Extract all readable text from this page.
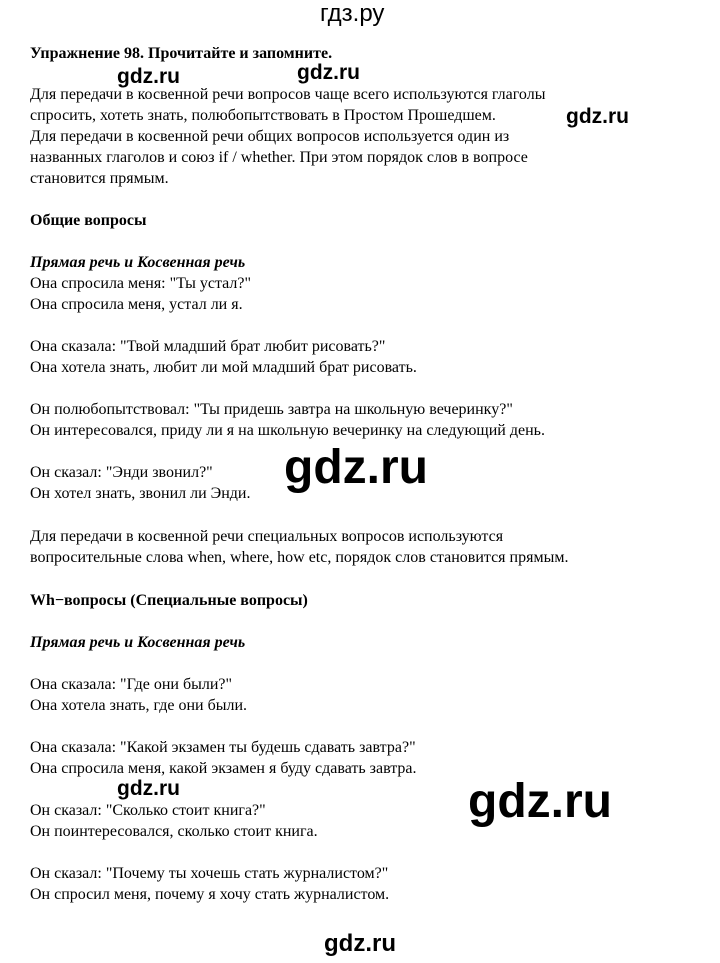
гдз.ру
Упражнение 98. Прочитайте и запомните.
Для передачи в косвенной речи вопросов чаще всего используются глаголы
спросить, хотеть знать, полюбопытствовать в Простом Прошедшем.
Для передачи в косвенной речи общих вопросов используется один из
названных глаголов и союз if / whether. При этом порядок слов в вопросе
становится прямым.
Общие вопросы
Прямая речь и Косвенная речь
Она спросила меня: "Ты устал?"
Она спросила меня, устал ли я.
Она сказала: "Твой младший брат любит рисовать?"
Она хотела знать, любит ли мой младший брат рисовать.
Он полюбопытствовал: "Ты придешь завтра на школьную вечеринку?"
Он интересовался, приду ли я на школьную вечеринку на следующий день.
Он сказал: "Энди звонил?"
Он хотел знать, звонил ли Энди.
Для передачи в косвенной речи специальных вопросов используются
вопросительные слова when, where, how etc, порядок слов становится прямым.
Wh−вопросы (Специальные вопросы)
Прямая речь и Косвенная речь
Она сказала: "Где они были?"
Она хотела знать, где они были.
Она сказала: "Какой экзамен ты будешь сдавать завтра?"
Она спросила меня, какой экзамен я буду сдавать завтра.
Он сказал: "Сколько стоит книга?"
Он поинтересовался, сколько стоит книга.
Он сказал: "Почему ты хочешь стать журналистом?"
Он спросил меня, почему я хочу стать журналистом.
gdz.ru	gdz.ru
gdz.ru
gdz.ru
gdz.ru	gdz.ru
gdz.ru
